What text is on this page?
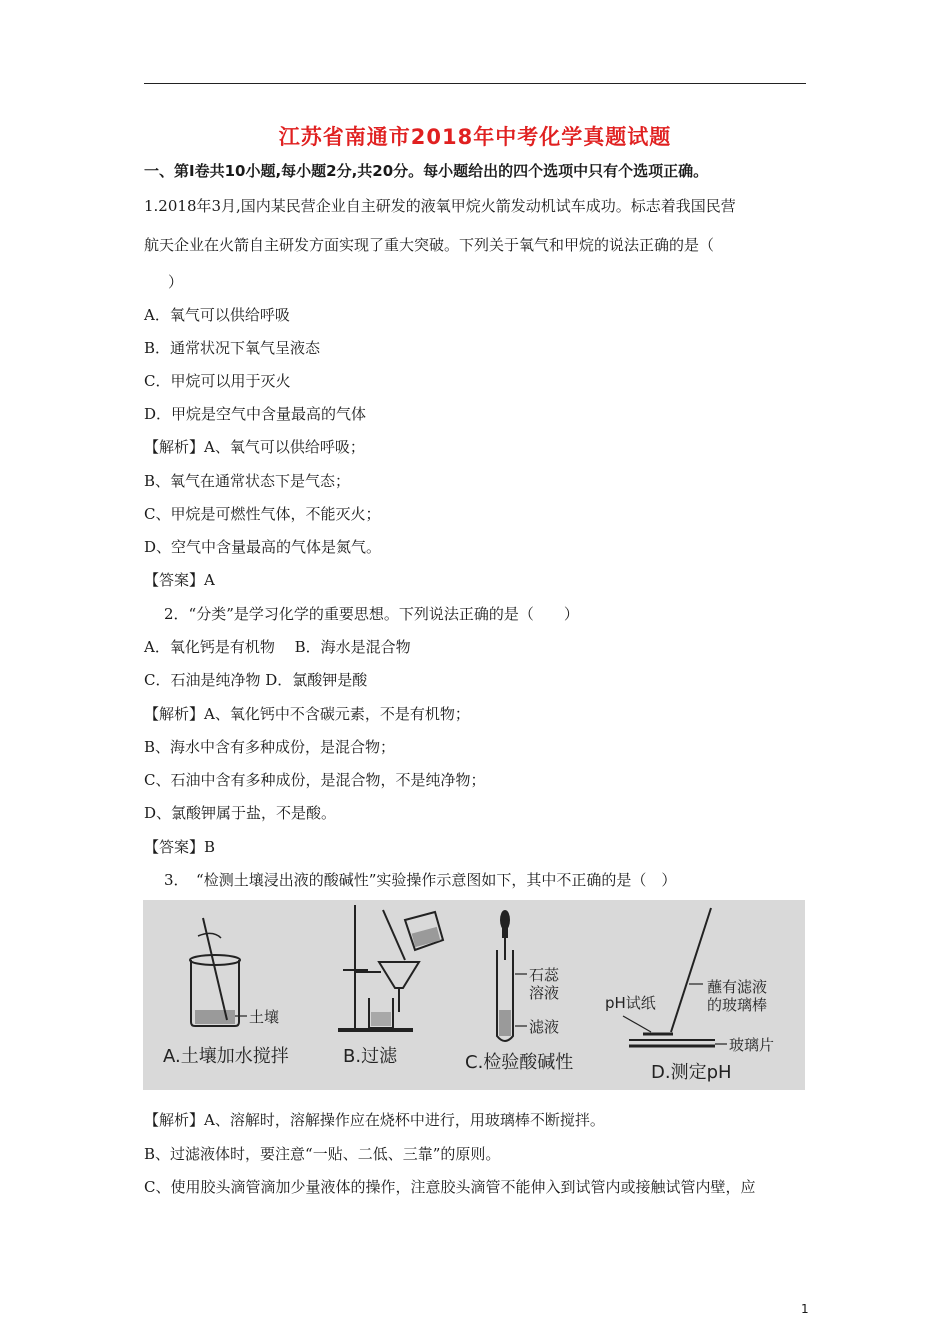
江苏省南通市2018年中考化学真题试题
一、第Ⅰ卷共10小题,每小题2分,共20分。每小题给出的四个选项中只有个选项正确。
1.2018年3月,国内某民营企业自主研发的液氧甲烷火箭发动机试车成功。标志着我国民营
航天企业在火箭自主研发方面实现了重大突破。下列关于氧气和甲烷的说法正确的是（
）
A．氧气可以供给呼吸
B．通常状况下氧气呈液态
C．甲烷可以用于灭火
D．甲烷是空气中含量最高的气体
【解析】A、氧气可以供给呼吸；
B、氧气在通常状态下是气态；
C、甲烷是可燃性气体，不能灭火；
D、空气中含量最高的气体是氮气。
【答案】A
2．“分类”是学习化学的重要思想。下列说法正确的是（　　）
A．氧化钙是有机物　 B．海水是混合物
C．石油是纯净物 D．氯酸钾是酸
【解析】A、氧化钙中不含碳元素，不是有机物；
B、海水中含有多种成份，是混合物；
C、石油中含有多种成份，是混合物，不是纯净物；
D、氯酸钾属于盐，不是酸。
【答案】B
3．　“检测土壤浸出液的酸碱性”实验操作示意图如下，其中不正确的是（　）
土壤
A.土壤加水搅拌	B.过滤
石蕊
溶液
滤液
C.检验酸碱性
pH试纸
蘸有滤液
的玻璃棒
玻璃片
D.测定pH
【解析】A、溶解时，溶解操作应在烧杯中进行，用玻璃棒不断搅拌。
B、过滤液体时，要注意“一贴、二低、三靠”的原则。
C、使用胶头滴管滴加少量液体的操作，注意胶头滴管不能伸入到试管内或接触试管内壁，应
1
